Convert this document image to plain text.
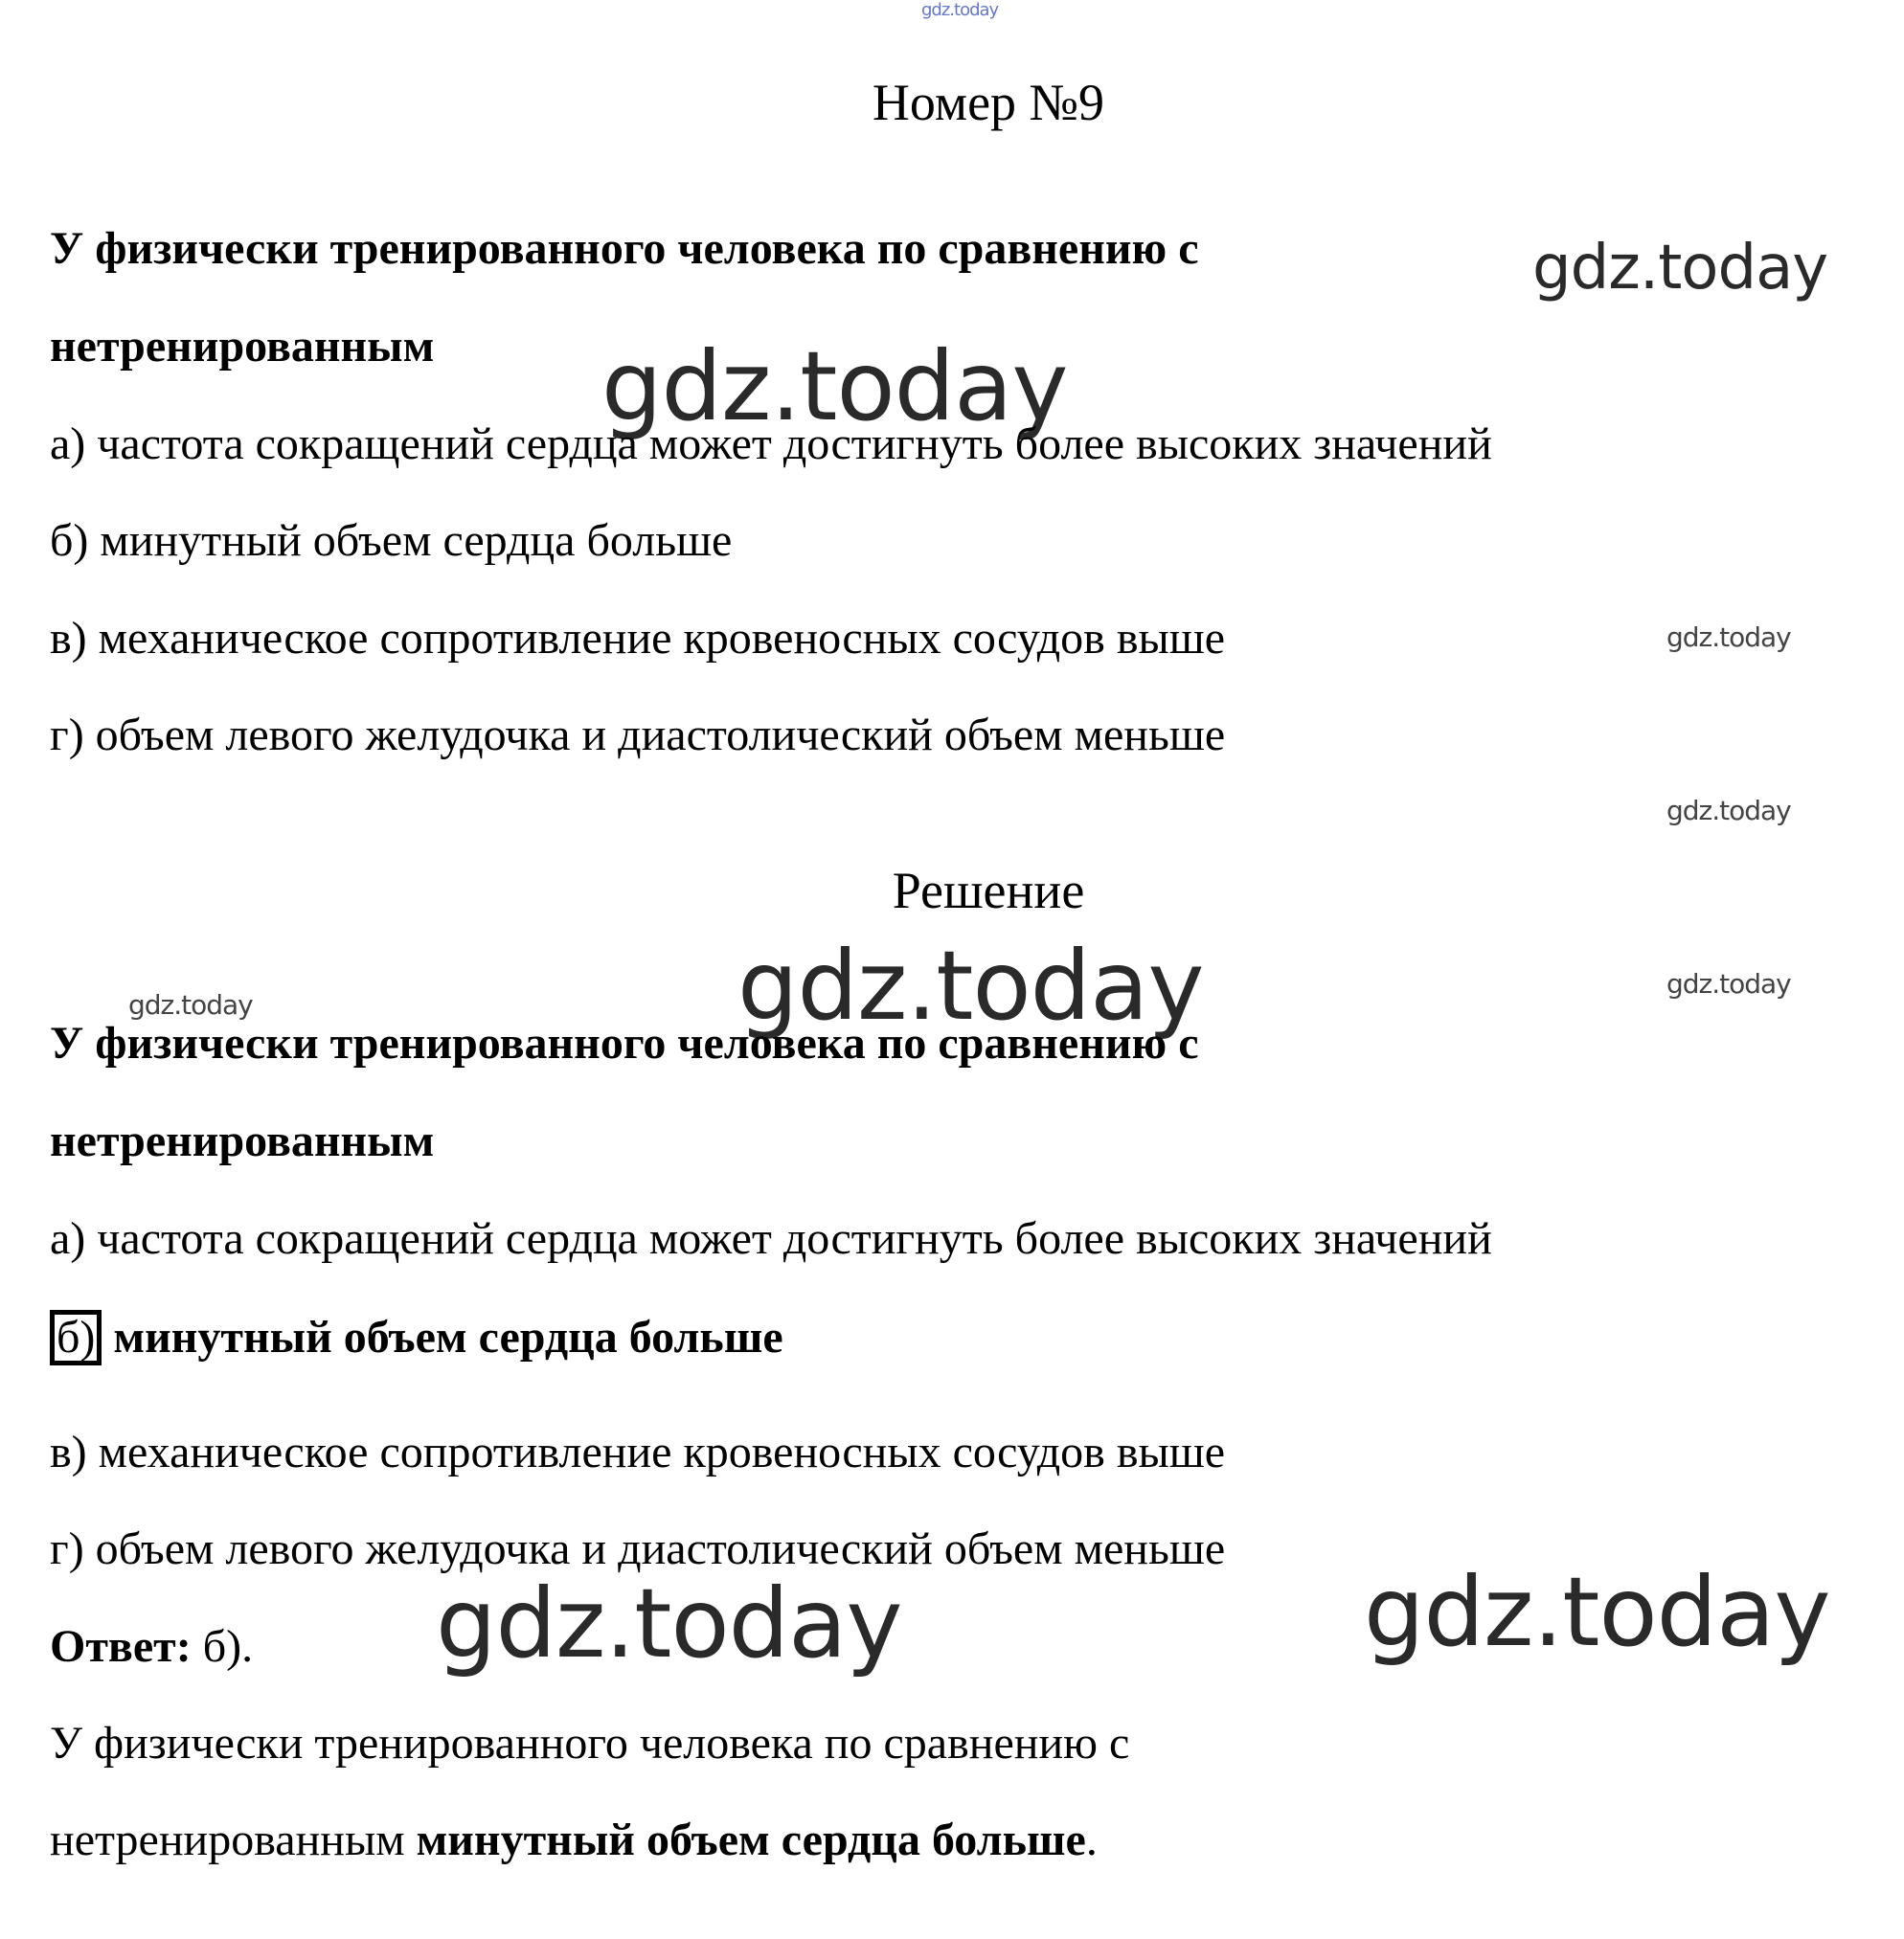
gdz.today
gdz.today
gdz.today
gdz.today
gdz.today
gdz.today
gdz.today
gdz.today
gdz.today	gdz.today
Номер №9
У физически тренированного человека по сравнению с
нетренированным
а) частота сокращений сердца может достигнуть более высоких значений
б) минутный объем сердца больше
в) механическое сопротивление кровеносных сосудов выше
г) объем левого желудочка и диастолический объем меньше
Решение
У физически тренированного человека по сравнению с
нетренированным
а) частота сокращений сердца может достигнуть более высоких значений
б) минутный объем сердца больше
в) механическое сопротивление кровеносных сосудов выше
г) объем левого желудочка и диастолический объем меньше
Ответ: б).
У физически тренированного человека по сравнению с
нетренированным минутный объем сердца больше.
